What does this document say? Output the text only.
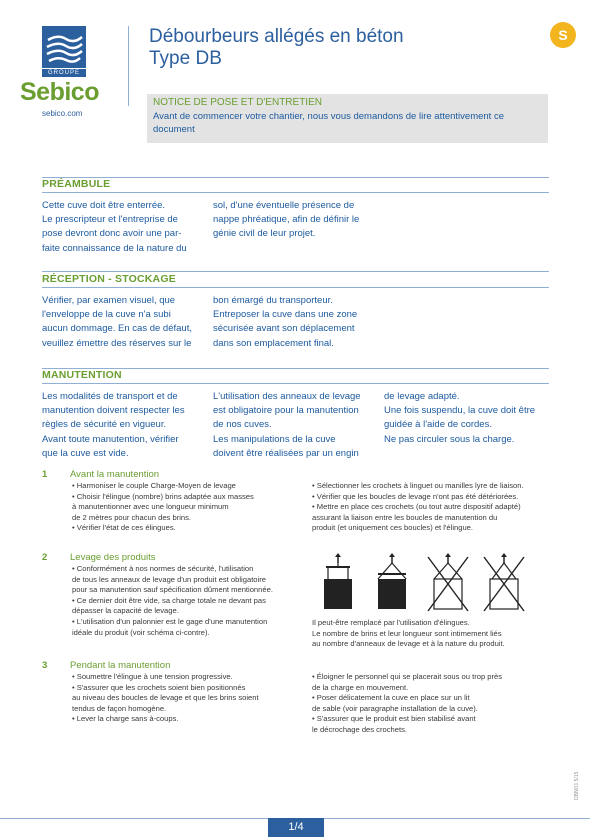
GROUPE
Sebico
sebico.com
Débourbeurs allégés en béton
Type DB
S
NOTICE DE POSE ET D'ENTRETIEN
Avant de commencer votre chantier, nous vous demandons de lire attentivement ce document
PRÉAMBULE
Cette cuve doit être enterrée.
Le prescripteur et l'entreprise de
pose devront donc avoir une par-
faite connaissance de la nature du
sol, d'une éventuelle présence de
nappe phréatique, afin de définir le
génie civil de leur projet.
RÉCEPTION - STOCKAGE
Vérifier, par examen visuel, que
l'enveloppe de la cuve n'a subi
aucun dommage. En cas de défaut,
veuillez émettre des réserves sur le
bon émargé du transporteur.
Entreposer la cuve dans une zone
sécurisée avant son déplacement
dans son emplacement final.
MANUTENTION
Les modalités de transport et de
manutention doivent respecter les
règles de sécurité en vigueur.
Avant toute manutention, vérifier
que la cuve est vide.
L'utilisation des anneaux de levage
est obligatoire pour la manutention
de nos cuves.
Les manipulations de la cuve
doivent être réalisées par un engin
de levage adapté.
Une fois suspendu, la cuve doit être
guidée à l'aide de cordes.
Ne pas circuler sous la charge.
1 Avant la manutention
• Harmoniser le couple Charge-Moyen de levage
• Choisir l'élingue (nombre) brins adaptée aux masses
à manutentionner avec une longueur minimum
de 2 mètres pour chacun des brins.
• Vérifier l'état de ces élingues.
• Sélectionner les crochets à linguet ou manilles lyre de liaison.
• Vérifier que les boucles de levage n'ont pas été détériorées.
• Mettre en place ces crochets (ou tout autre dispositif adapté)
assurant la liaison entre les boucles de manutention du
produit (et uniquement ces boucles) et l'élingue.
2 Levage des produits
• Conformément à nos normes de sécurité, l'utilisation
de tous les anneaux de levage d'un produit est obligatoire
pour sa manutention sauf spécification dûment mentionnée.
• Ce dernier doit être vide, sa charge totale ne devant pas
dépasser la capacité de levage.
• L'utilisation d'un palonnier est le gage d'une manutention
idéale du produit (voir schéma ci-contre).
Il peut-être remplacé par l'utilisation d'élingues.
Le nombre de brins et leur longueur sont intimement liés
au nombre d'anneaux de levage et à la nature du produit.
3 Pendant la manutention
• Soumettre l'élingue à une tension progressive.
• S'assurer que les crochets soient bien positionnés
au niveau des boucles de levage et que les brins soient
tendus de façon homogène.
• Lever la charge sans à-coups.
• Éloigner le personnel qui se placerait sous ou trop près
de la charge en mouvement.
• Poser délicatement la cuve en place sur un lit
de sable (voir paragraphe installation de la cuve).
• S'assurer que le produit est bien stabilisé avant
le décrochage des crochets.
1/4
DBNO1 5/15
